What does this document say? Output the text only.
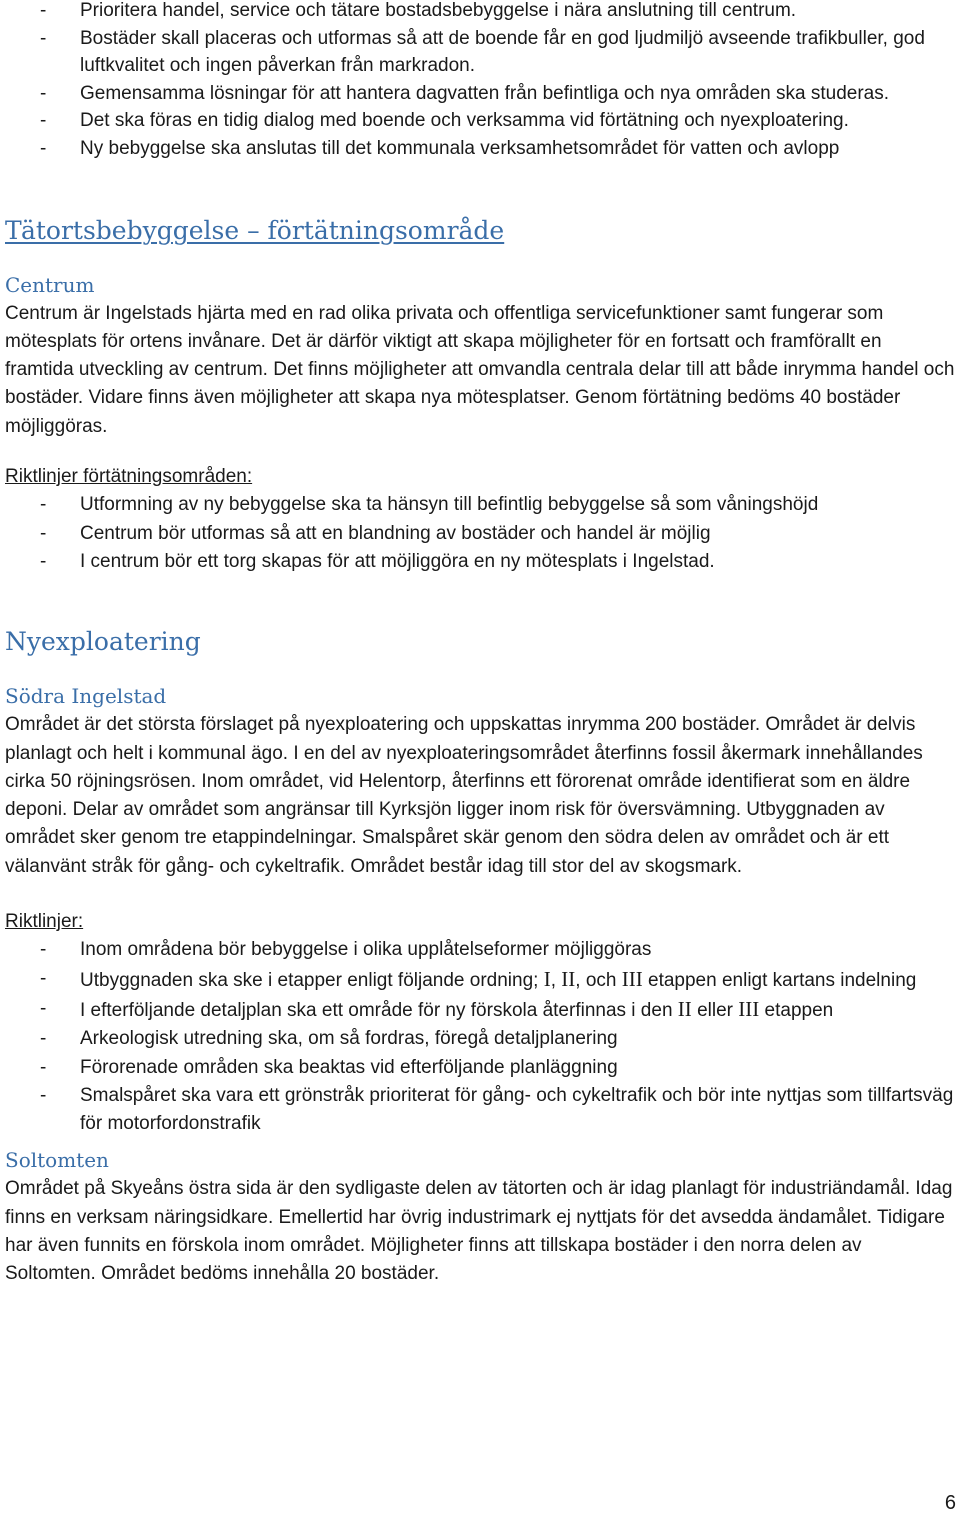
- Prioritera handel, service och tätare bostadsbebyggelse i nära anslutning till centrum.
- Bostäder skall placeras och utformas så att de boende får en god ljudmiljö avseende trafikbuller, god luftkvalitet och ingen påverkan från markradon.
- Gemensamma lösningar för att hantera dagvatten från befintliga och nya områden ska studeras.
- Det ska föras en tidig dialog med boende och verksamma vid förtätning och nyexploatering.
- Ny bebyggelse ska anslutas till det kommunala verksamhetsområdet för vatten och avlopp
Tätortsbebyggelse – förtätningsområde
Centrum

Centrum är Ingelstads hjärta med en rad olika privata och offentliga servicefunktioner samt fungerar som mötesplats för ortens invånare. Det är därför viktigt att skapa möjligheter för en fortsatt och framförallt en framtida utveckling av centrum. Det finns möjligheter att omvandla centrala delar till att både inrymma handel och bostäder. Vidare finns även möjligheter att skapa nya mötesplatser. Genom förtätning bedöms 40 bostäder möjliggöras.

Riktlinjer förtätningsområden:

- Utformning av ny bebyggelse ska ta hänsyn till befintlig bebyggelse så som våningshöjd
- Centrum bör utformas så att en blandning av bostäder och handel är möjlig
- I centrum bör ett torg skapas för att möjliggöra en ny mötesplats i Ingelstad.
Nyexploatering
Södra Ingelstad

Området är det största förslaget på nyexploatering och uppskattas inrymma 200 bostäder. Området är delvis planlagt och helt i kommunal ägo. I en del av nyexploateringsområdet återfinns fossil åkermark innehållandes cirka 50 röjningsrösen. Inom området, vid Helentorp, återfinns ett förorenat område identifierat som en äldre deponi. Delar av området som angränsar till Kyrksjön ligger inom risk för översvämning. Utbyggnaden av området sker genom tre etappindelningar. Smalspåret skär genom den södra delen av området och är ett välanvänt stråk för gång- och cykeltrafik. Området består idag till stor del av skogsmark.

Riktlinjer:

- Inom områdena bör bebyggelse i olika upplåtelseformer möjliggöras
- Utbyggnaden ska ske i etapper enligt följande ordning; I, II, och III etappen enligt kartans indelning
- I efterföljande detaljplan ska ett område för ny förskola återfinnas i den II eller III etappen
- Arkeologisk utredning ska, om så fordras, föregå detaljplanering
- Förorenade områden ska beaktas vid efterföljande planläggning
- Smalspåret ska vara ett grönstråk prioriterat för gång- och cykeltrafik och bör inte nyttjas som tillfartsväg för motorfordonstrafik
Soltomten

Området på Skyeåns östra sida är den sydligaste delen av tätorten och är idag planlagt för industriändamål. Idag finns en verksam näringsidkare. Emellertid har övrig industrimark ej nyttjats för det avsedda ändamålet. Tidigare har även funnits en förskola inom området. Möjligheter finns att tillskapa bostäder i den norra delen av Soltomten. Området bedöms innehålla 20 bostäder.

6
